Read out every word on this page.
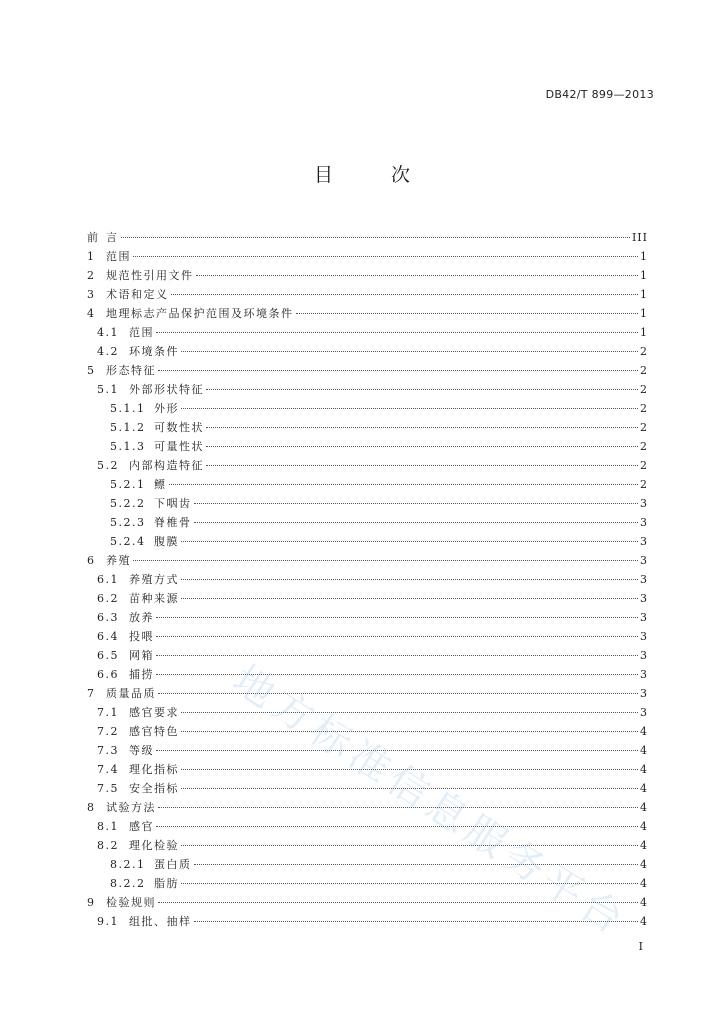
DB42/T 899—2013
目 次
前 言	III
1 范围	1
2 规范性引用文件	1
3 术语和定义	1
4 地理标志产品保护范围及环境条件	1
4.1 范围	1
4.2 环境条件	2
5 形态特征	2
5.1 外部形状特征	2
5.1.1 外形	2
5.1.2 可数性状	2
5.1.3 可量性状	2
5.2 内部构造特征	2
5.2.1 鳔	2
5.2.2 下咽齿	3
5.2.3 脊椎骨	3
5.2.4 腹膜	3
6 养殖	3
6.1 养殖方式	3
6.2 苗种来源	3
6.3 放养	3
6.4 投喂	3
6.5 网箱	3
6.6 捕捞	3
7 质量品质	3
7.1 感官要求	3
7.2 感官特色	4
7.3 等级	4
7.4 理化指标	4
7.5 安全指标	4
8 试验方法	4
8.1 感官	4
8.2 理化检验	4
8.2.1 蛋白质	4
8.2.2 脂肪	4
9 检验规则	4
9.1 组批、抽样	4
地方标准信息服务平台
I
